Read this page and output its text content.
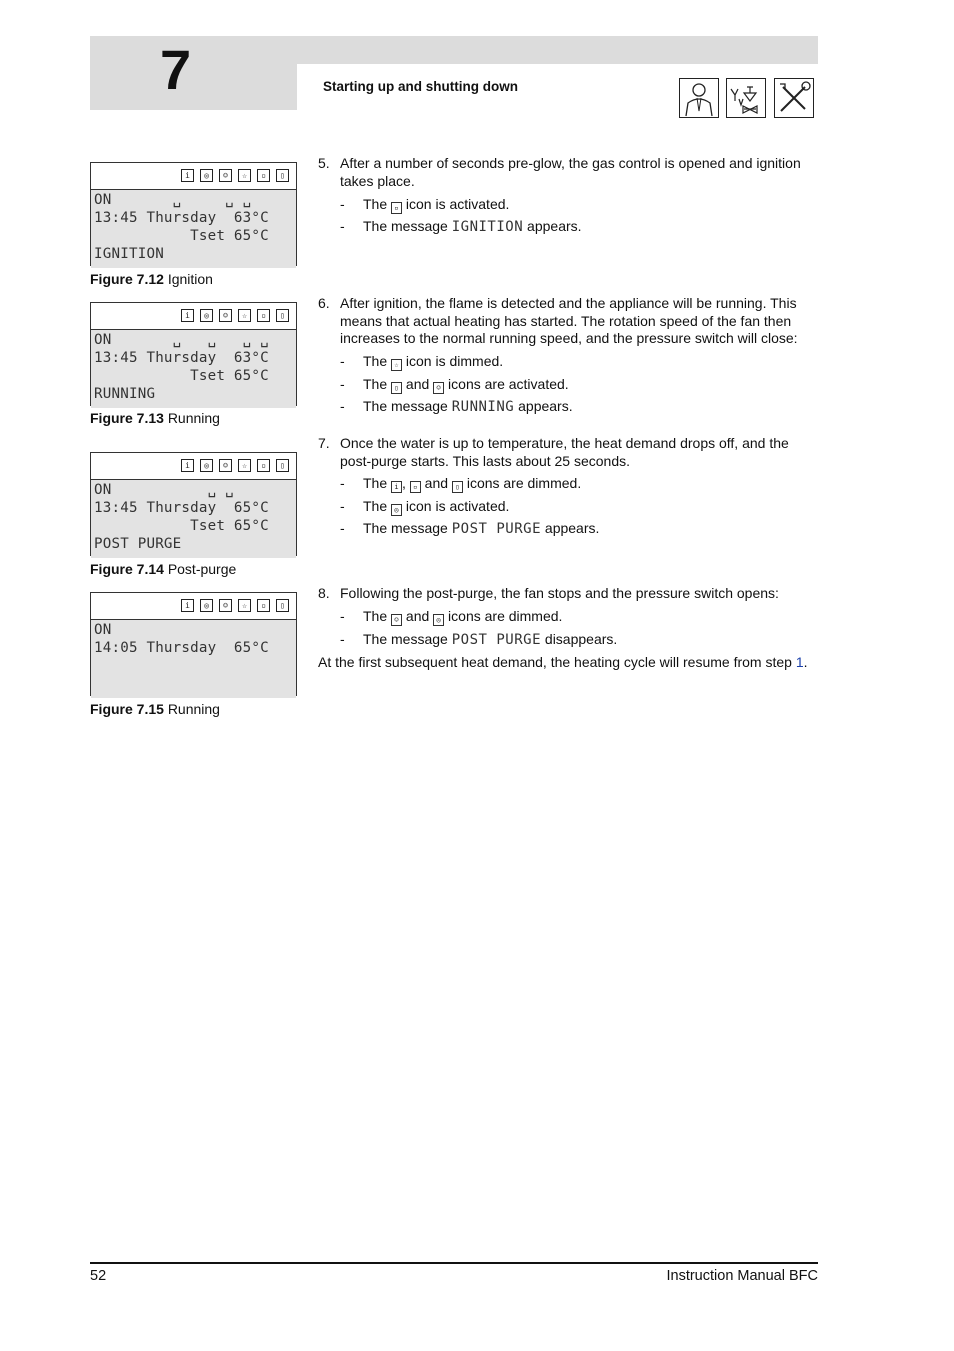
7	Starting up and shutting down
i	◎	☺	☆	▫	▯
ON       ␣     ␣ ␣
13:45 Thursday  63°C
Tset 65°C
IGNITION
Figure 7.12 Ignition
i	◎	☺	☆	▫	▯
ON       ␣   ␣   ␣ ␣
13:45 Thursday  63°C
Tset 65°C
RUNNING
Figure 7.13 Running
i	◎	☺	☆	▫	▯
ON           ␣ ␣
13:45 Thursday  65°C
Tset 65°C
POST PURGE
Figure 7.14 Post-purge
i	◎	☺	☆	▫	▯
ON
14:05 Thursday  65°C
Figure 7.15 Running
5. After a number of seconds pre-glow, the gas control is opened and ignition takes place.
- The ▫ icon is activated.
- The message IGNITION appears.
6. After ignition, the flame is detected and the appliance will be running. This means that actual heating has started. The rotation speed of the fan then increases to the normal running speed, and the pressure switch will close:
- The ☆ icon is dimmed.
- The ▯ and ☺ icons are activated.
- The message RUNNING appears.
7. Once the water is up to temperature, the heat demand drops off, and the post-purge starts. This lasts about 25 seconds.
- The i , ▫ and ▯ icons are dimmed.
- The ◎ icon is activated.
- The message POST PURGE appears.
8. Following the post-purge, the fan stops and the pressure switch opens:
- The ☺ and ◎ icons are dimmed.
- The message POST PURGE disappears.
At the first subsequent heat demand, the heating cycle will resume from step 1.
52	Instruction Manual BFC
